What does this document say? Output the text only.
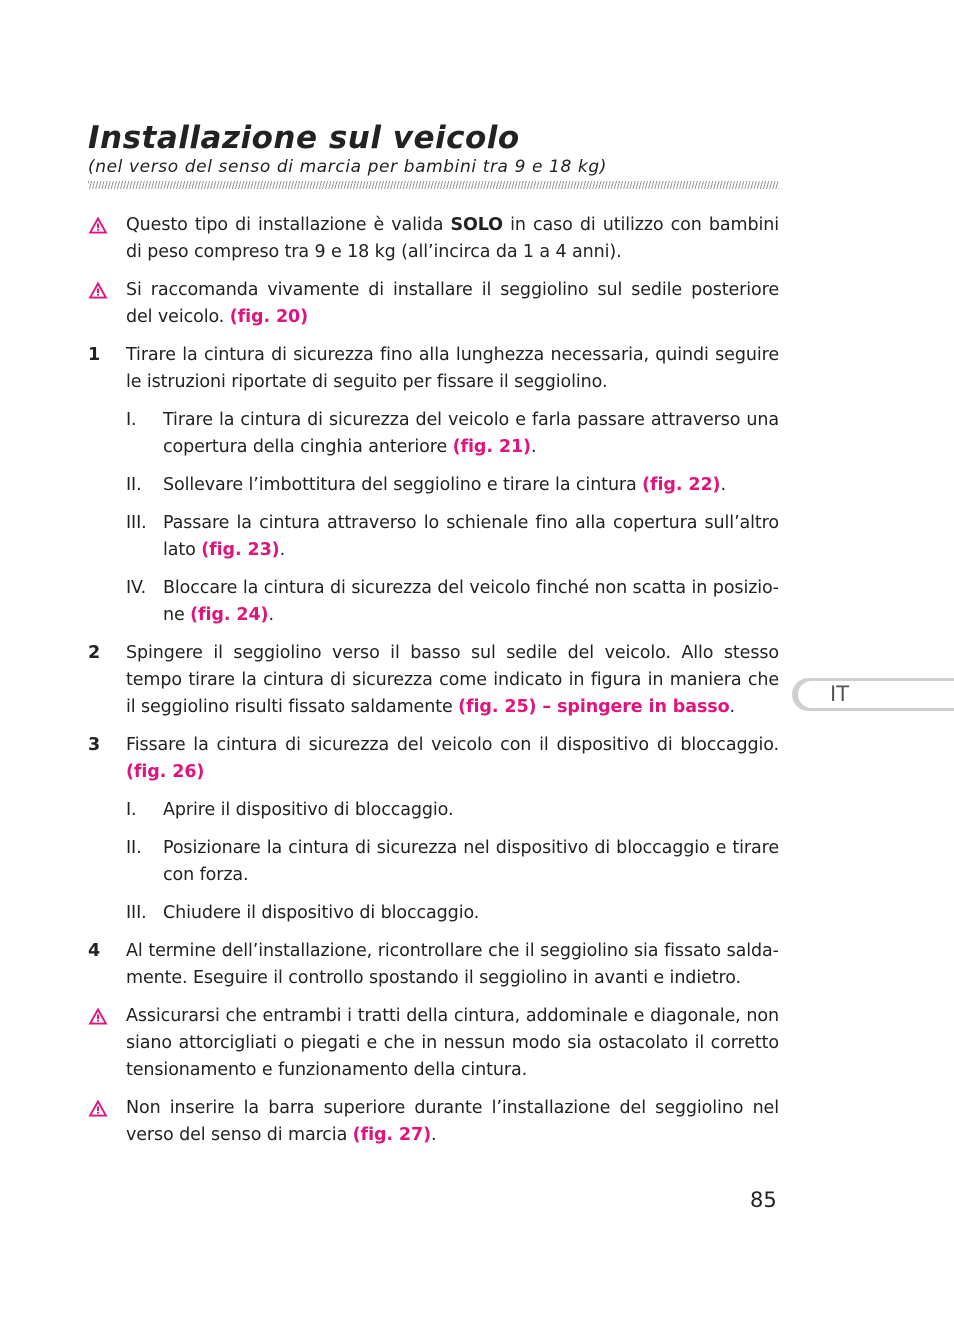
Installazione sul veicolo

(nel verso del senso di marcia per bambini tra 9 e 18 kg)

Questo tipo di installazione è valida SOLO in caso di utilizzo con bambini di peso compreso tra 9 e 18 kg (all’incirca da 1 a 4 anni).
Si raccomanda vivamente di installare il seggiolino sul sedile posteriore del veicolo. (fig. 20)
1 Tirare la cintura di sicurezza fino alla lunghezza necessaria, quindi seguire le istruzioni riportate di seguito per fissare il seggiolino.
I. Tirare la cintura di sicurezza del veicolo e farla passare attraverso una copertura della cinghia anteriore (fig. 21).
II. Sollevare l’imbottitura del seggiolino e tirare la cintura (fig. 22).
III. Passare la cintura attraverso lo schienale fino alla copertura sull’altro lato (fig. 23).
IV. Bloccare la cintura di sicurezza del veicolo finché non scatta in posizione (fig. 24).
2 Spingere il seggiolino verso il basso sul sedile del veicolo. Allo stesso tempo tirare la cintura di sicurezza come indicato in figura in maniera che il seggiolino risulti fissato saldamente (fig. 25) – spingere in basso.
3 Fissare la cintura di sicurezza del veicolo con il dispositivo di bloccaggio. (fig. 26)
I. Aprire il dispositivo di bloccaggio.
II. Posizionare la cintura di sicurezza nel dispositivo di bloccaggio e tirare con forza.
III. Chiudere il dispositivo di bloccaggio.
4 Al termine dell’installazione, ricontrollare che il seggiolino sia fissato saldamente. Eseguire il controllo spostando il seggiolino in avanti e indietro.
Assicurarsi che entrambi i tratti della cintura, addominale e diagonale, non siano attorcigliati o piegati e che in nessun modo sia ostacolato il corretto tensionamento e funzionamento della cintura.
Non inserire la barra superiore durante l’installazione del seggiolino nel verso del senso di marcia (fig. 27).
IT
85
